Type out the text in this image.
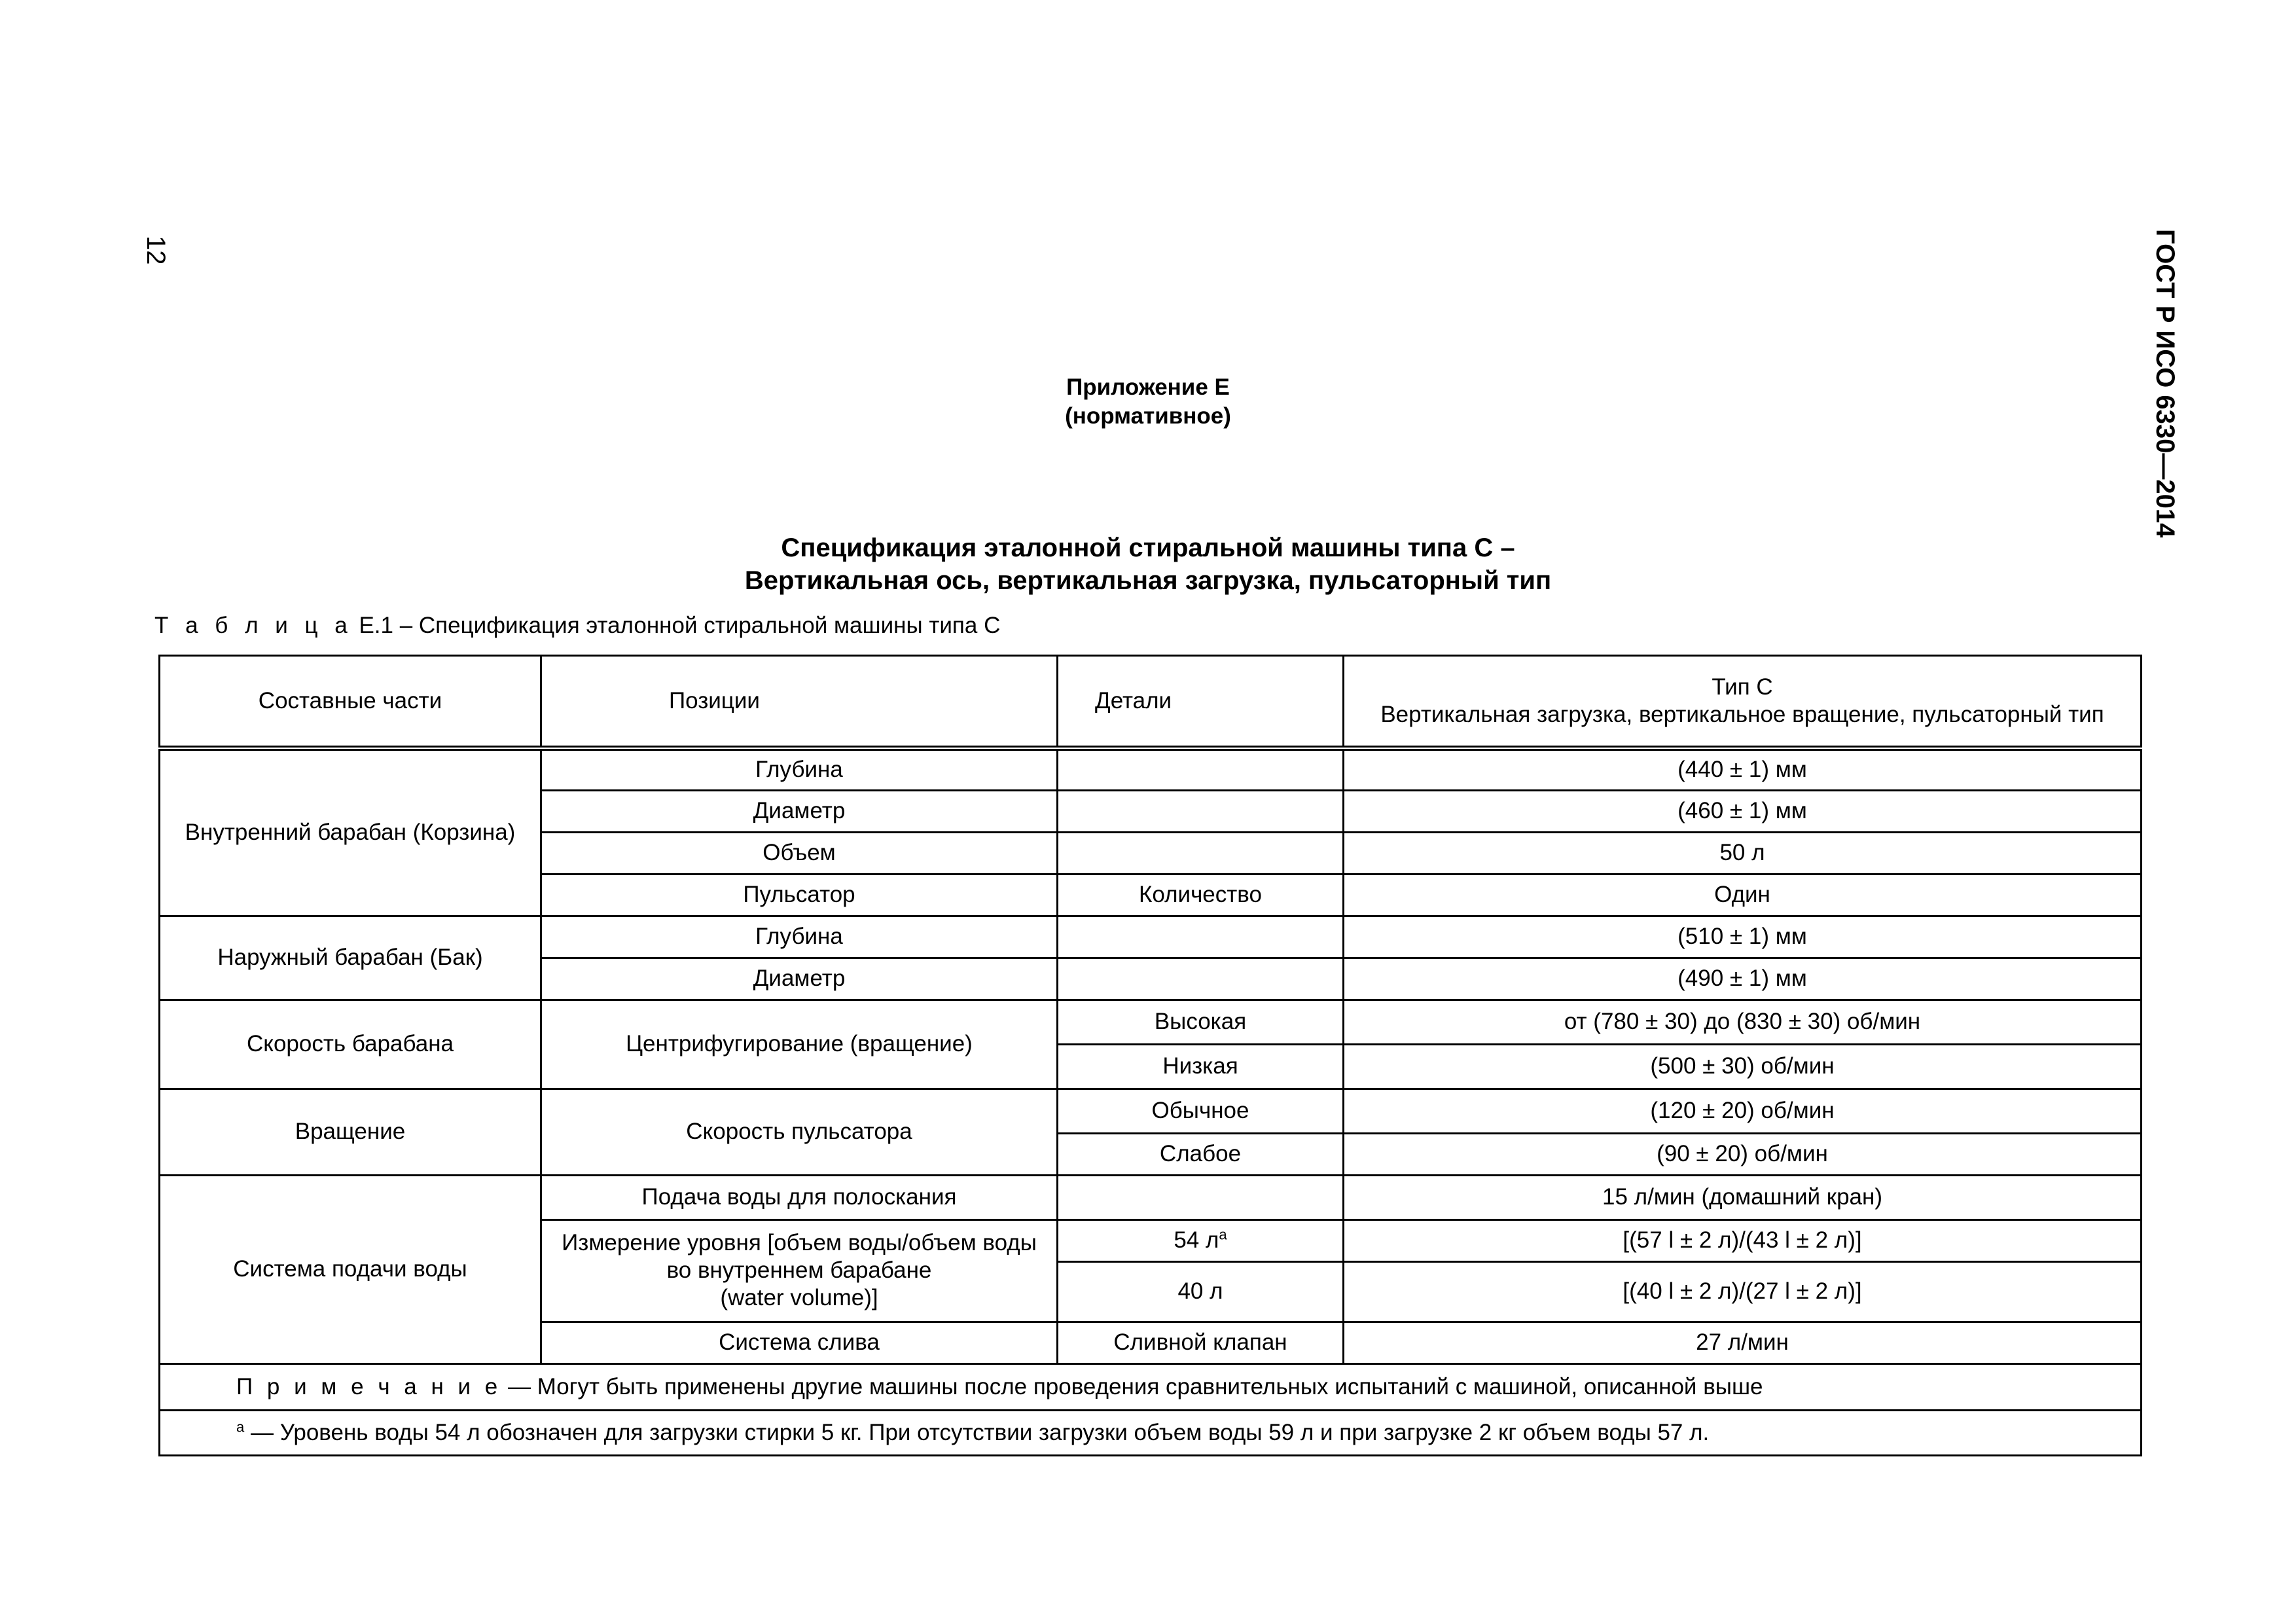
12	ГОСТ Р ИСО 6330—2014
Приложение Е
(нормативное)
Спецификация эталонной стиральной машины типа С –
Вертикальная ось, вертикальная загрузка, пульсаторный тип
Т а б л и ц а Е.1 – Спецификация эталонной стиральной машины типа С
Составные части	Позиции	Детали	Тип С
Вертикальная загрузка, вертикальное вращение, пульсаторный тип

Внутренний барабан (Корзина)	Глубина		(440 ± 1) мм
	Диаметр		(460 ± 1) мм
	Объем		50 л
	Пульсатор	Количество	Один
Наружный барабан (Бак)	Глубина		(510 ± 1) мм
	Диаметр		(490 ± 1) мм
Скорость барабана	Центрифугирование (вращение)	Высокая	от (780 ± 30) до (830 ± 30) об/мин
		Низкая	(500 ± 30) об/мин
Вращение	Скорость пульсатора	Обычное	(120 ± 20) об/мин
		Слабое	(90 ± 20) об/мин
Система подачи воды	Подача воды для полоскания		15 л/мин (домашний кран)

	Измерение уровня [объем воды/объем воды
во внутреннем барабане
(water volume)]	54 $л^a$	[(57 l ± 2 л)/(43 l ± 2 л)]
		40 л	[(40 l ± 2 л)/(27 l ± 2 л)]
	Система слива	Сливной клапан	27 л/мин
П р и м е ч а н и е — Могут быть применены другие машины после проведения сравнительных испытаний с машиной, описанной выше			
$^a$ — Уровень воды 54 л обозначен для загрузки стирки 5 кг. При отсутствии загрузки объем воды 59 л и при загрузке 2 кг объем воды 57 л.			
